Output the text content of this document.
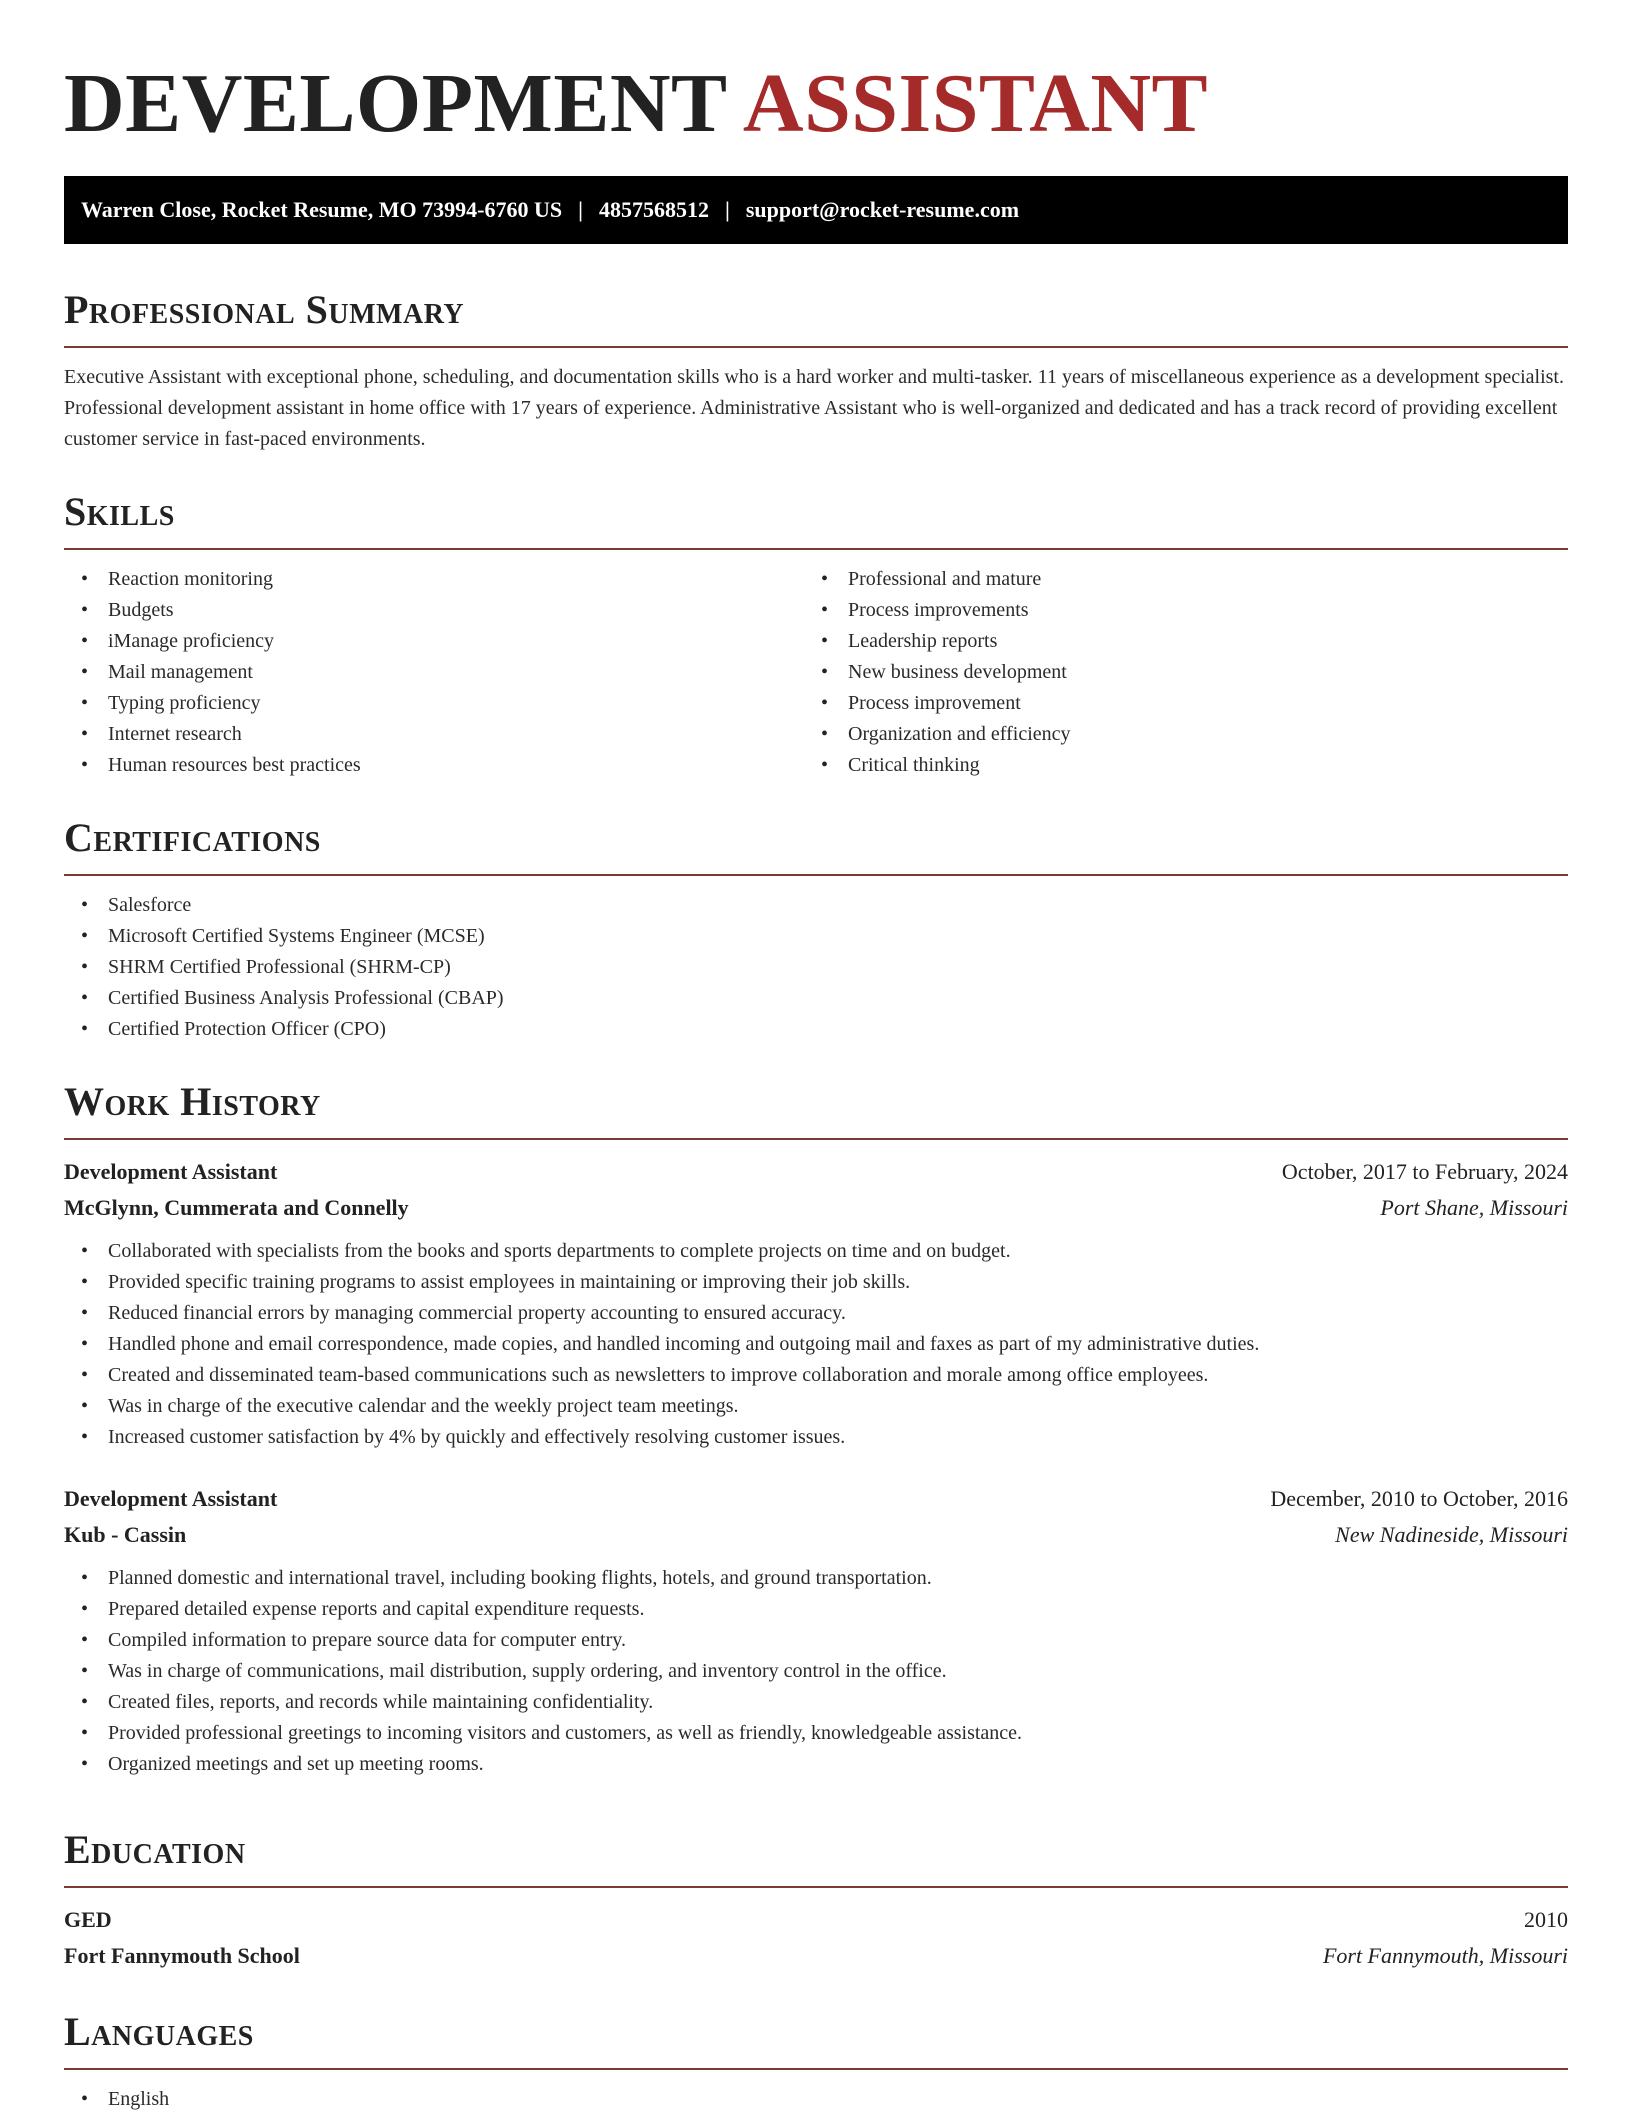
DEVELOPMENT ASSISTANT
Warren Close, Rocket Resume, MO 73994-6760 US | 4857568512 | support@rocket-resume.com
Professional Summary

Executive Assistant with exceptional phone, scheduling, and documentation skills who is a hard worker and multi-tasker. 11 years of miscellaneous experience as a development specialist. Professional development assistant in home office with 17 years of experience. Administrative Assistant who is well-organized and dedicated and has a track record of providing excellent customer service in fast-paced environments.

Skills
• Reaction monitoring
• Budgets
• iManage proficiency
• Mail management
• Typing proficiency
• Internet research
• Human resources best practices
• Professional and mature
• Process improvements
• Leadership reports
• New business development
• Process improvement
• Organization and efficiency
• Critical thinking
Certifications
• Salesforce
• Microsoft Certified Systems Engineer (MCSE)
• SHRM Certified Professional (SHRM-CP)
• Certified Business Analysis Professional (CBAP)
• Certified Protection Officer (CPO)
Work History
Development Assistant	October, 2017 to February, 2024
McGlynn, Cummerata and Connelly	Port Shane, Missouri
• Collaborated with specialists from the books and sports departments to complete projects on time and on budget.
• Provided specific training programs to assist employees in maintaining or improving their job skills.
• Reduced financial errors by managing commercial property accounting to ensured accuracy.
• Handled phone and email correspondence, made copies, and handled incoming and outgoing mail and faxes as part of my administrative duties.
• Created and disseminated team-based communications such as newsletters to improve collaboration and morale among office employees.
• Was in charge of the executive calendar and the weekly project team meetings.
• Increased customer satisfaction by 4% by quickly and effectively resolving customer issues.
Development Assistant	December, 2010 to October, 2016
Kub - Cassin	New Nadineside, Missouri
• Planned domestic and international travel, including booking flights, hotels, and ground transportation.
• Prepared detailed expense reports and capital expenditure requests.
• Compiled information to prepare source data for computer entry.
• Was in charge of communications, mail distribution, supply ordering, and inventory control in the office.
• Created files, reports, and records while maintaining confidentiality.
• Provided professional greetings to incoming visitors and customers, as well as friendly, knowledgeable assistance.
• Organized meetings and set up meeting rooms.
Education
GED	2010
Fort Fannymouth School	Fort Fannymouth, Missouri
Languages
• English
